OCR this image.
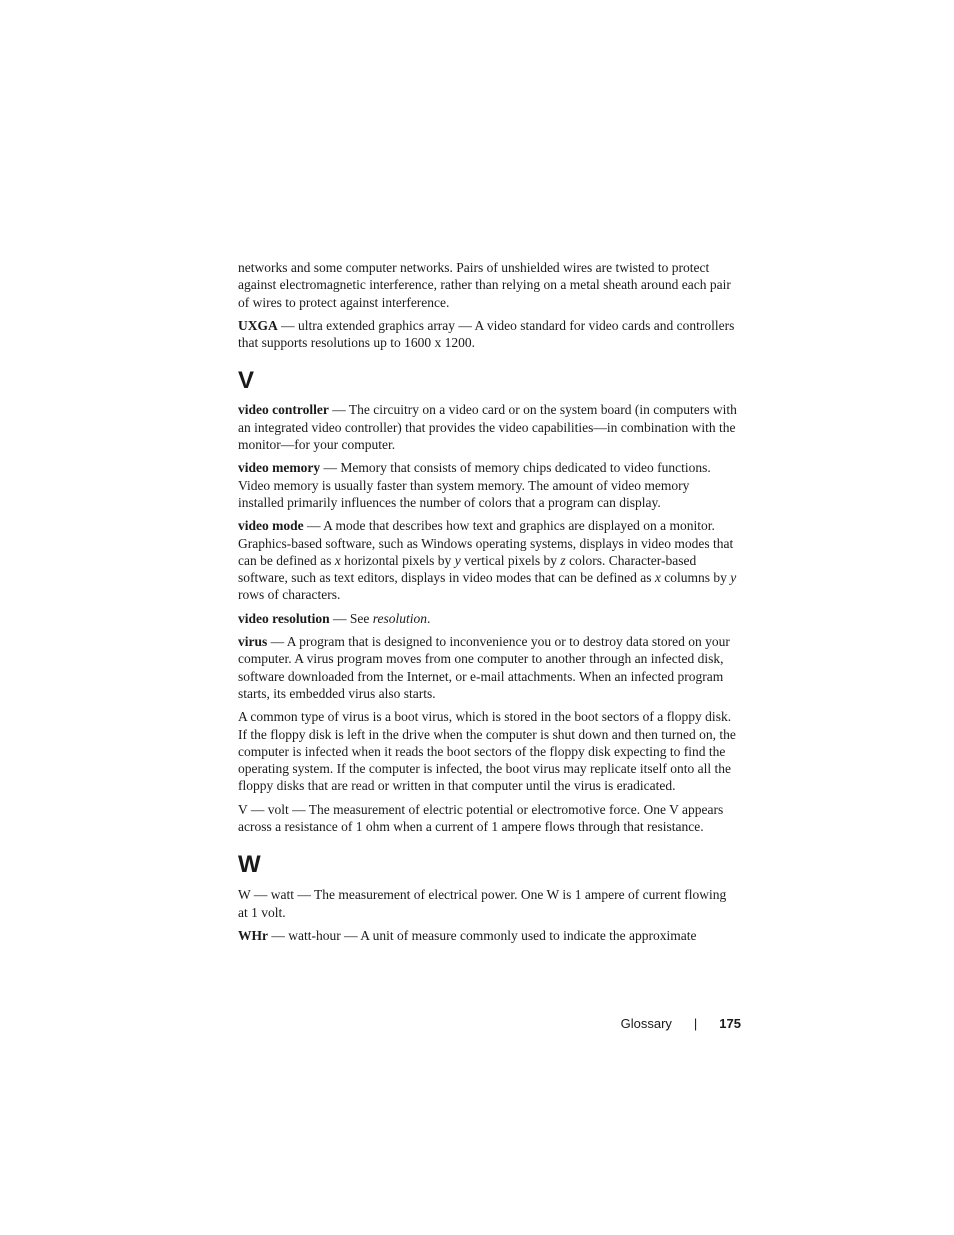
networks and some computer networks. Pairs of unshielded wires are twisted to protect against electromagnetic interference, rather than relying on a metal sheath around each pair of wires to protect against interference.

UXGA — ultra extended graphics array — A video standard for video cards and controllers that supports resolutions up to 1600 x 1200.

V

video controller — The circuitry on a video card or on the system board (in computers with an integrated video controller) that provides the video capabilities—in combination with the monitor—for your computer.

video memory — Memory that consists of memory chips dedicated to video functions. Video memory is usually faster than system memory. The amount of video memory installed primarily influences the number of colors that a program can display.

video mode — A mode that describes how text and graphics are displayed on a monitor. Graphics-based software, such as Windows operating systems, displays in video modes that can be defined as x horizontal pixels by y vertical pixels by z colors. Character-based software, such as text editors, displays in video modes that can be defined as x columns by y rows of characters.

video resolution — See resolution.

virus — A program that is designed to inconvenience you or to destroy data stored on your computer. A virus program moves from one computer to another through an infected disk, software downloaded from the Internet, or e-mail attachments. When an infected program starts, its embedded virus also starts.

A common type of virus is a boot virus, which is stored in the boot sectors of a floppy disk. If the floppy disk is left in the drive when the computer is shut down and then turned on, the computer is infected when it reads the boot sectors of the floppy disk expecting to find the operating system. If the computer is infected, the boot virus may replicate itself onto all the floppy disks that are read or written in that computer until the virus is eradicated.

V — volt — The measurement of electric potential or electromotive force. One V appears across a resistance of 1 ohm when a current of 1 ampere flows through that resistance.

W

W — watt — The measurement of electrical power. One W is 1 ampere of current flowing at 1 volt.

WHr — watt-hour — A unit of measure commonly used to indicate the approximate

Glossary | 175
